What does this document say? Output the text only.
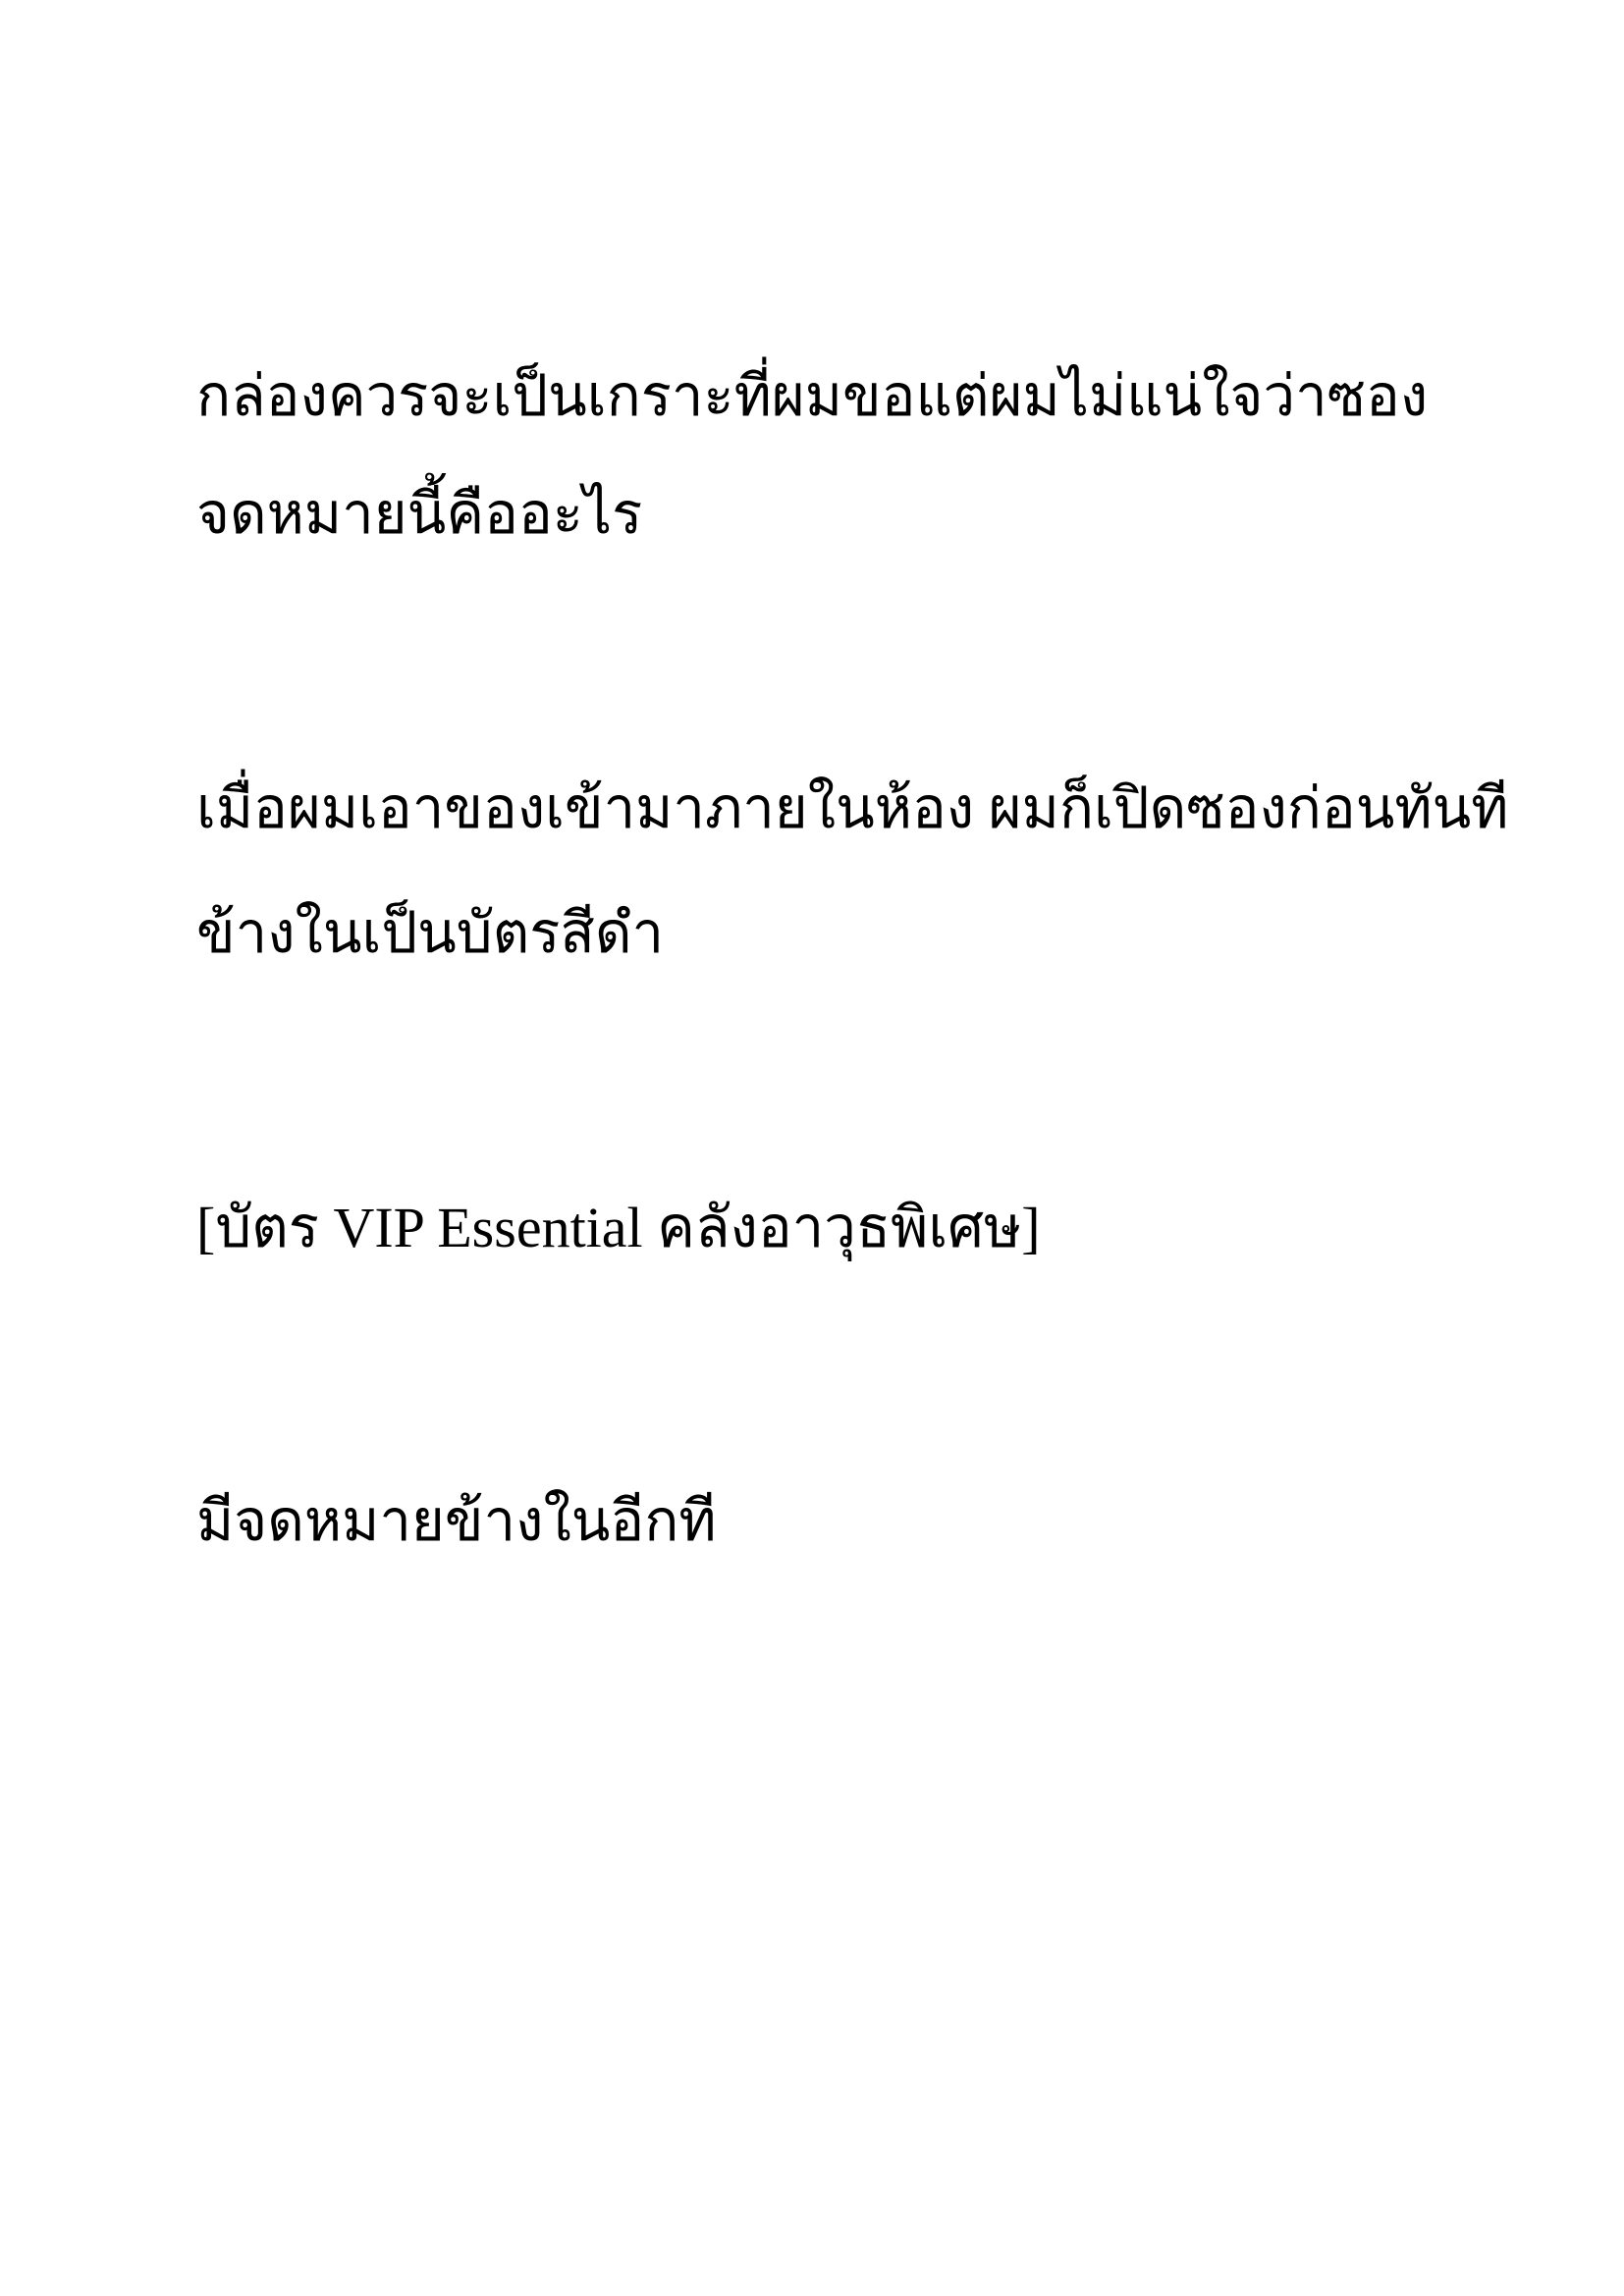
กล่องควรจะเป็นเกราะที่ผมขอแต่ผมไม่แน่ใจว่าซอง

จดหมายนี้คืออะไร

เมื่อผมเอาของเข้ามาภายในห้อง ผมก็เปิดซองก่อนทันที

ข้างในเป็นบัตรสีดำ

[บัตร VIP Essential คลังอาวุธพิเศษ]

มีจดหมายข้างในอีกที
